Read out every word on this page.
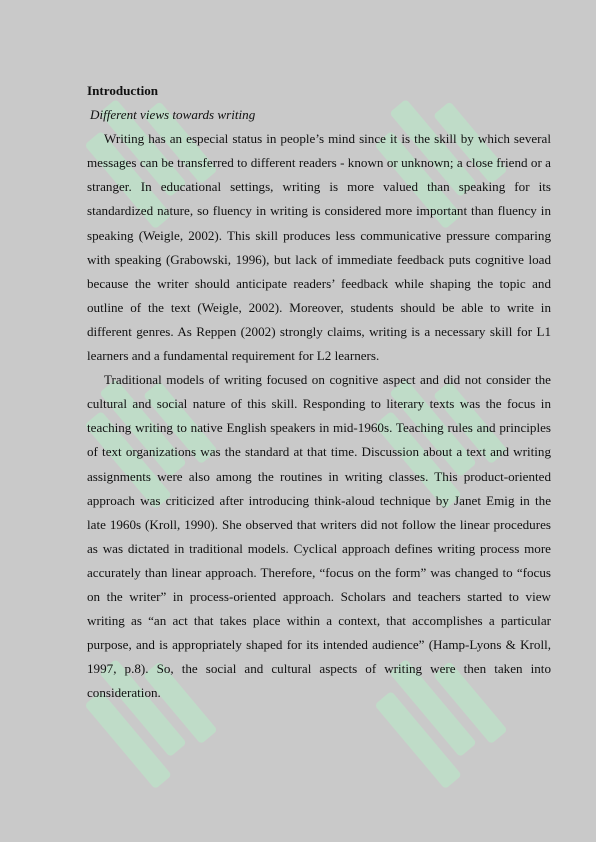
Introduction

Different views towards writing

Writing has an especial status in people’s mind since it is the skill by which several messages can be transferred to different readers - known or unknown; a close friend or a stranger. In educational settings, writing is more valued than speaking for its standardized nature, so fluency in writing is considered more important than fluency in speaking (Weigle, 2002). This skill produces less communicative pressure comparing with speaking (Grabowski, 1996), but lack of immediate feedback puts cognitive load because the writer should anticipate readers’ feedback while shaping the topic and outline of the text (Weigle, 2002). Moreover, students should be able to write in different genres. As Reppen (2002) strongly claims, writing is a necessary skill for L1 learners and a fundamental requirement for L2 learners.

Traditional models of writing focused on cognitive aspect and did not consider the cultural and social nature of this skill. Responding to literary texts was the focus in teaching writing to native English speakers in mid-1960s. Teaching rules and principles of text organizations was the standard at that time. Discussion about a text and writing assignments were also among the routines in writing classes. This product-oriented approach was criticized after introducing think-aloud technique by Janet Emig in the late 1960s (Kroll, 1990). She observed that writers did not follow the linear procedures as was dictated in traditional models. Cyclical approach defines writing process more accurately than linear approach. Therefore, “focus on the form” was changed to “focus on the writer” in process-oriented approach. Scholars and teachers started to view writing as “an act that takes place within a context, that accomplishes a particular purpose, and is appropriately shaped for its intended audience” (Hamp-Lyons & Kroll, 1997, p.8). So, the social and cultural aspects of writing were then taken into consideration.
